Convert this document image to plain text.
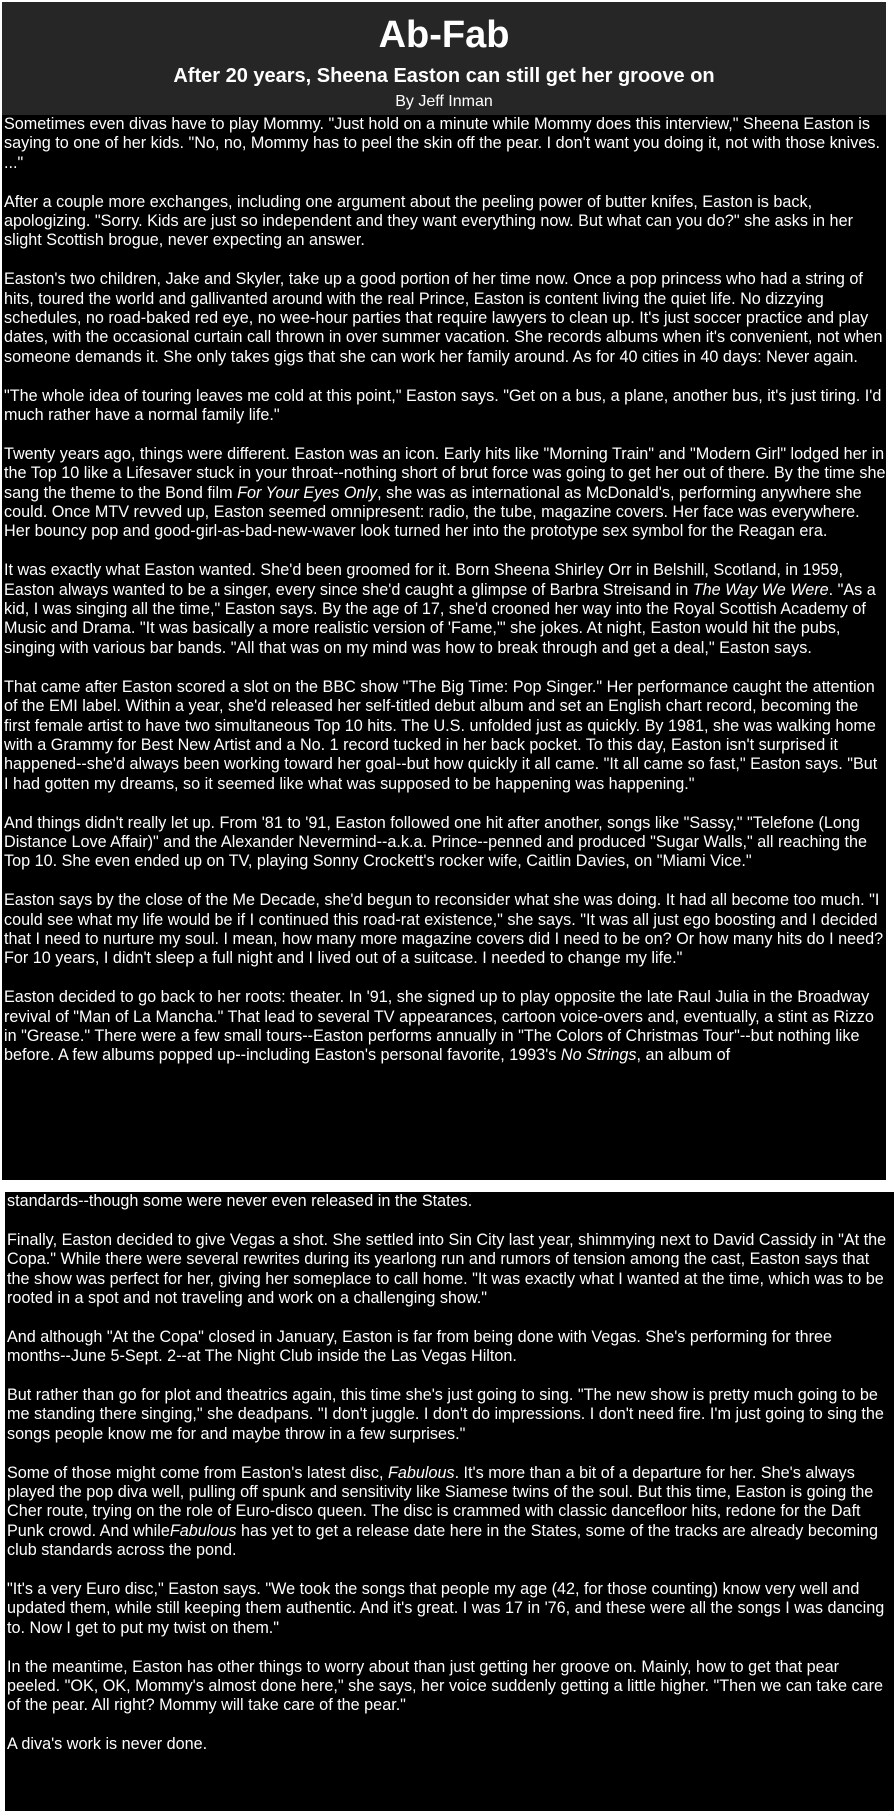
Ab-Fab
After 20 years, Sheena Easton can still get her groove on
By Jeff Inman

Sometimes even divas have to play Mommy. "Just hold on a minute while Mommy does this interview," Sheena Easton is saying to one of her kids. "No, no, Mommy has to peel the skin off the pear. I don't want you doing it, not with those knives. ..."

After a couple more exchanges, including one argument about the peeling power of butter knifes, Easton is back, apologizing. "Sorry. Kids are just so independent and they want everything now. But what can you do?" she asks in her slight Scottish brogue, never expecting an answer.

Easton's two children, Jake and Skyler, take up a good portion of her time now. Once a pop princess who had a string of hits, toured the world and gallivanted around with the real Prince, Easton is content living the quiet life. No dizzying schedules, no road-baked red eye, no wee-hour parties that require lawyers to clean up. It's just soccer practice and play dates, with the occasional curtain call thrown in over summer vacation. She records albums when it's convenient, not when someone demands it. She only takes gigs that she can work her family around. As for 40 cities in 40 days: Never again.

"The whole idea of touring leaves me cold at this point," Easton says. "Get on a bus, a plane, another bus, it's just tiring. I'd much rather have a normal family life."

Twenty years ago, things were different. Easton was an icon. Early hits like "Morning Train" and "Modern Girl" lodged her in the Top 10 like a Lifesaver stuck in your throat--nothing short of brut force was going to get her out of there. By the time she sang the theme to the Bond film For Your Eyes Only, she was as international as McDonald's, performing anywhere she could. Once MTV revved up, Easton seemed omnipresent: radio, the tube, magazine covers. Her face was everywhere. Her bouncy pop and good-girl-as-bad-new-waver look turned her into the prototype sex symbol for the Reagan era.

It was exactly what Easton wanted. She'd been groomed for it. Born Sheena Shirley Orr in Belshill, Scotland, in 1959, Easton always wanted to be a singer, every since she'd caught a glimpse of Barbra Streisand in The Way We Were. "As a kid, I was singing all the time," Easton says. By the age of 17, she'd crooned her way into the Royal Scottish Academy of Music and Drama. "It was basically a more realistic version of 'Fame,'" she jokes. At night, Easton would hit the pubs, singing with various bar bands. "All that was on my mind was how to break through and get a deal," Easton says.

That came after Easton scored a slot on the BBC show "The Big Time: Pop Singer." Her performance caught the attention of the EMI label. Within a year, she'd released her self-titled debut album and set an English chart record, becoming the first female artist to have two simultaneous Top 10 hits. The U.S. unfolded just as quickly. By 1981, she was walking home with a Grammy for Best New Artist and a No. 1 record tucked in her back pocket. To this day, Easton isn't surprised it happened--she'd always been working toward her goal--but how quickly it all came. "It all came so fast," Easton says. "But I had gotten my dreams, so it seemed like what was supposed to be happening was happening."

And things didn't really let up. From '81 to '91, Easton followed one hit after another, songs like "Sassy," "Telefone (Long Distance Love Affair)" and the Alexander Nevermind--a.k.a. Prince--penned and produced "Sugar Walls," all reaching the Top 10. She even ended up on TV, playing Sonny Crockett's rocker wife, Caitlin Davies, on "Miami Vice."

Easton says by the close of the Me Decade, she'd begun to reconsider what she was doing. It had all become too much. "I could see what my life would be if I continued this road-rat existence," she says. "It was all just ego boosting and I decided that I need to nurture my soul. I mean, how many more magazine covers did I need to be on? Or how many hits do I need? For 10 years, I didn't sleep a full night and I lived out of a suitcase. I needed to change my life."

Easton decided to go back to her roots: theater. In '91, she signed up to play opposite the late Raul Julia in the Broadway revival of "Man of La Mancha." That lead to several TV appearances, cartoon voice-overs and, eventually, a stint as Rizzo in "Grease." There were a few small tours--Easton performs annually in "The Colors of Christmas Tour"--but nothing like before. A few albums popped up--including Easton's personal favorite, 1993's No Strings, an album of

standards--though some were never even released in the States.

Finally, Easton decided to give Vegas a shot. She settled into Sin City last year, shimmying next to David Cassidy in "At the Copa." While there were several rewrites during its yearlong run and rumors of tension among the cast, Easton says that the show was perfect for her, giving her someplace to call home. "It was exactly what I wanted at the time, which was to be rooted in a spot and not traveling and work on a challenging show."

And although "At the Copa" closed in January, Easton is far from being done with Vegas. She's performing for three months--June 5-Sept. 2--at The Night Club inside the Las Vegas Hilton.

But rather than go for plot and theatrics again, this time she's just going to sing. "The new show is pretty much going to be me standing there singing," she deadpans. "I don't juggle. I don't do impressions. I don't need fire. I'm just going to sing the songs people know me for and maybe throw in a few surprises."

Some of those might come from Easton's latest disc, Fabulous. It's more than a bit of a departure for her. She's always played the pop diva well, pulling off spunk and sensitivity like Siamese twins of the soul. But this time, Easton is going the Cher route, trying on the role of Euro-disco queen. The disc is crammed with classic dancefloor hits, redone for the Daft Punk crowd. And whileFabulous has yet to get a release date here in the States, some of the tracks are already becoming club standards across the pond.

"It's a very Euro disc," Easton says. "We took the songs that people my age (42, for those counting) know very well and updated them, while still keeping them authentic. And it's great. I was 17 in '76, and these were all the songs I was dancing to. Now I get to put my twist on them."

In the meantime, Easton has other things to worry about than just getting her groove on. Mainly, how to get that pear peeled. "OK, OK, Mommy's almost done here," she says, her voice suddenly getting a little higher. "Then we can take care of the pear. All right? Mommy will take care of the pear."

A diva's work is never done.
